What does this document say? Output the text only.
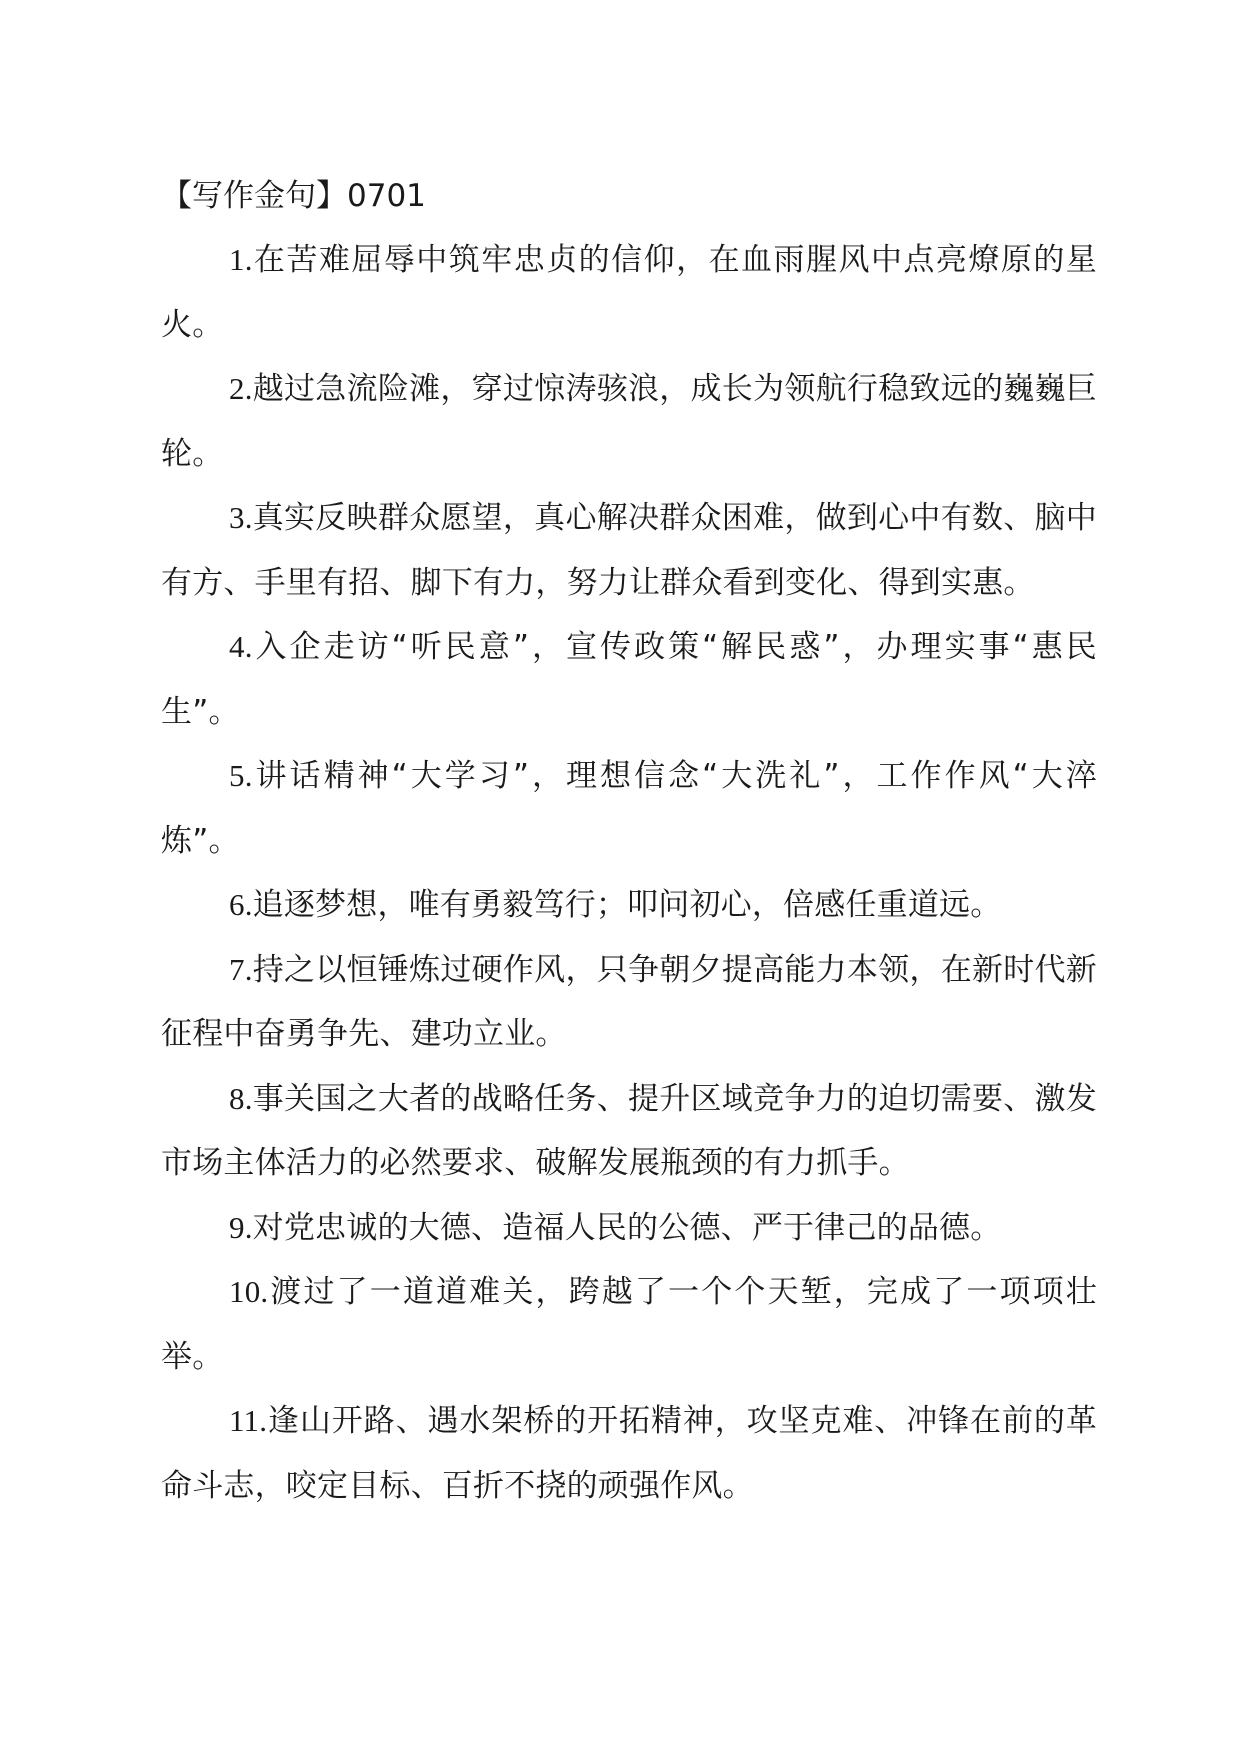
【写作金句】0701

1.在苦难屈辱中筑牢忠贞的信仰，在血雨腥风中点亮燎原的星火。

2.越过急流险滩，穿过惊涛骇浪，成长为领航行稳致远的巍巍巨轮。

3.真实反映群众愿望，真心解决群众困难，做到心中有数、脑中有方、手里有招、脚下有力，努力让群众看到变化、得到实惠。

4.入企走访“听民意”，宣传政策“解民惑”，办理实事“惠民生”。

5.讲话精神“大学习”，理想信念“大洗礼”，工作作风“大淬炼”。

6.追逐梦想，唯有勇毅笃行；叩问初心，倍感任重道远。

7.持之以恒锤炼过硬作风，只争朝夕提高能力本领，在新时代新征程中奋勇争先、建功立业。

8.事关国之大者的战略任务、提升区域竞争力的迫切需要、激发市场主体活力的必然要求、破解发展瓶颈的有力抓手。

9.对党忠诚的大德、造福人民的公德、严于律己的品德。

10.渡过了一道道难关，跨越了一个个天堑，完成了一项项壮举。

11.逢山开路、遇水架桥的开拓精神，攻坚克难、冲锋在前的革命斗志，咬定目标、百折不挠的顽强作风。
